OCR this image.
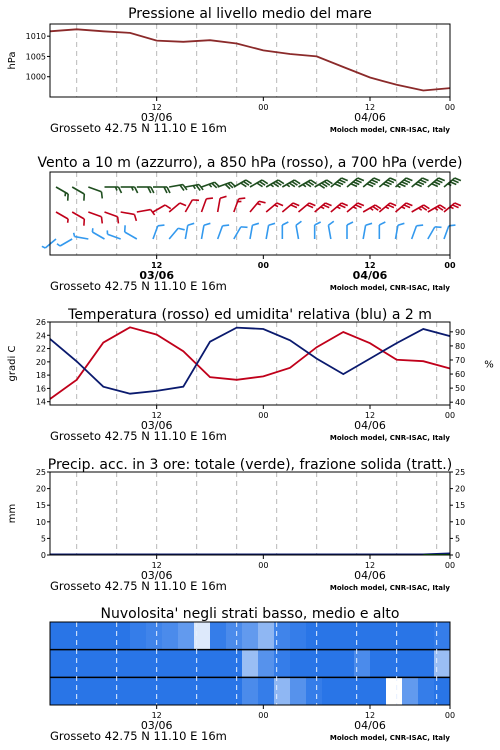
Pressione al livello medio del mare
1000
1005
1010
hPa
12	00	12	00
03/06	04/06
Grosseto 42.75 N 11.10 E 16m	Moloch model, CNR-ISAC, Italy
Vento a 10 m (azzurro), a 850 hPa (rosso), a 700 hPa (verde)
12	00	12	00
03/06	04/06
Grosseto 42.75 N 11.10 E 16m	Moloch model, CNR-ISAC, Italy
Temperatura (rosso) ed umidita' relativa (blu) a 2 m
14
16
18
20
22
24
26
40
50
60
70
80
90
gradi C	%
12	00	12	00
03/06	04/06
Grosseto 42.75 N 11.10 E 16m	Moloch model, CNR-ISAC, Italy
Precip. acc. in 3 ore: totale (verde), frazione solida (tratt.)
0
5
10
15
20
25
0
5
10
15
20
25
mm
12	00	12	00
03/06	04/06
Grosseto 42.75 N 11.10 E 16m	Moloch model, CNR-ISAC, Italy
Nuvolosita' negli strati basso, medio e alto
12	00	12	00
03/06	04/06
Grosseto 42.75 N 11.10 E 16m	Moloch model, CNR-ISAC, Italy
